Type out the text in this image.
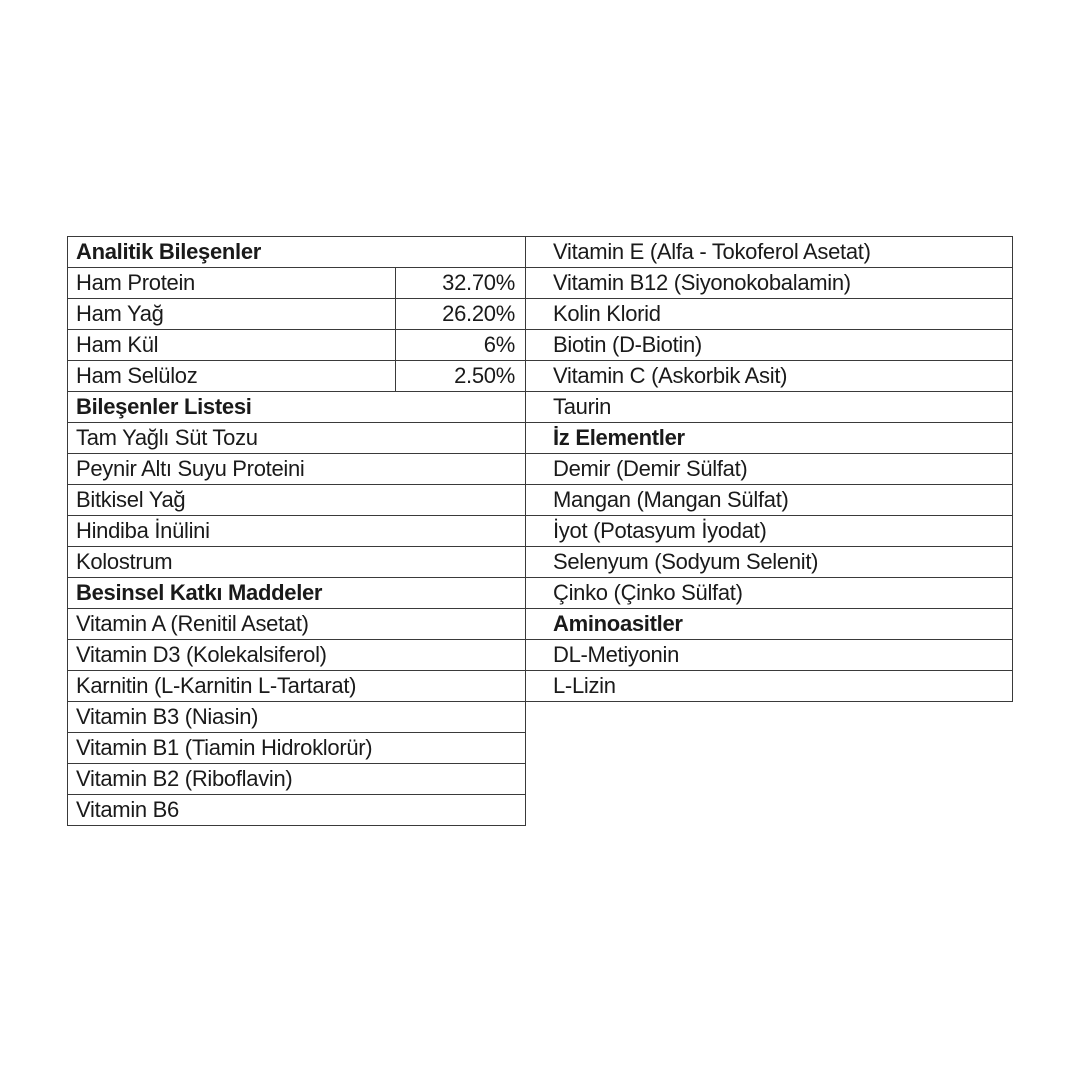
Analitik Bileşenler
Ham Protein	32.70%
Ham Yağ	26.20%
Ham Kül	6%
Ham Selüloz	2.50%
Bileşenler Listesi
Tam Yağlı Süt Tozu
Peynir Altı Suyu Proteini
Bitkisel Yağ
Hindiba İnülini
Kolostrum
Besinsel Katkı Maddeler
Vitamin A (Renitil Asetat)
Vitamin D3 (Kolekalsiferol)
Karnitin (L-Karnitin L-Tartarat)
Vitamin B3 (Niasin)
Vitamin B1 (Tiamin Hidroklorür)
Vitamin B2 (Riboflavin)
Vitamin B6
Vitamin E (Alfa - Tokoferol Asetat)
Vitamin B12 (Siyonokobalamin)
Kolin Klorid
Biotin (D-Biotin)
Vitamin C (Askorbik Asit)
Taurin
İz Elementler
Demir (Demir Sülfat)
Mangan (Mangan Sülfat)
İyot (Potasyum İyodat)
Selenyum (Sodyum Selenit)
Çinko (Çinko Sülfat)
Aminoasitler
DL-Metiyonin
L-Lizin
